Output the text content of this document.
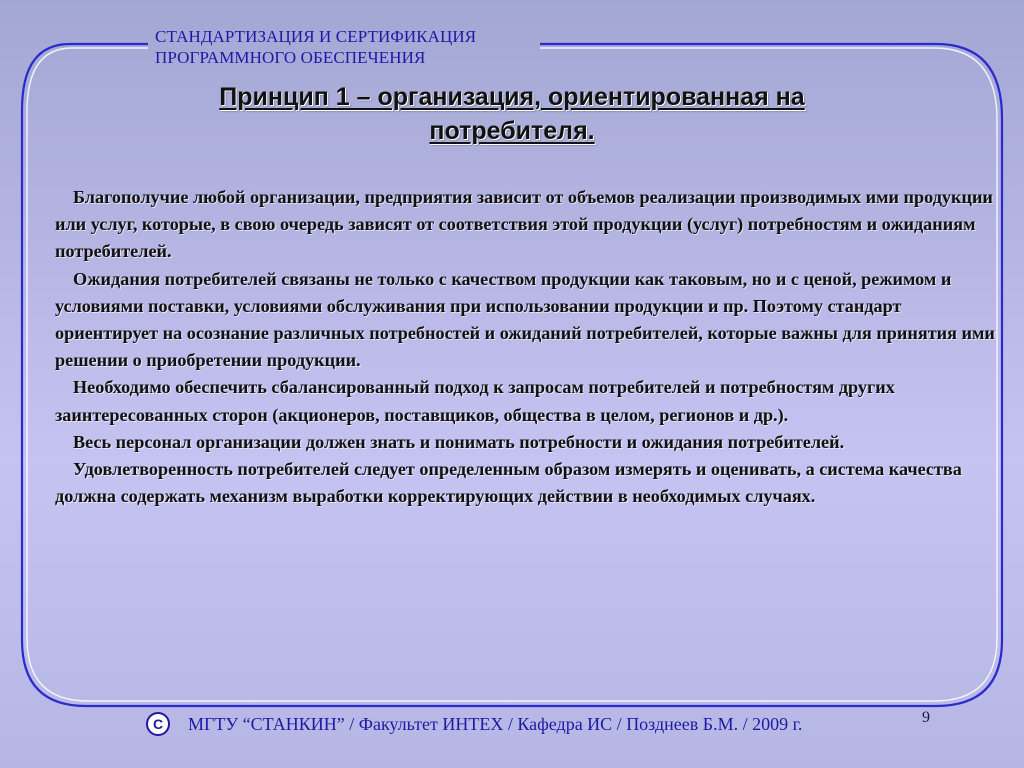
СТАНДАРТИЗАЦИЯ И СЕРТИФИКАЦИЯ
ПРОГРАММНОГО ОБЕСПЕЧЕНИЯ
Принцип 1 – организация, ориентированная на
потребителя.

Благополучие любой организации, предприятия зависит от объемов реализации производимых ими продукции или услуг, которые, в свою очередь зависят от соответствия этой продукции (услуг) потребностям и ожиданиям потребителей.

Ожидания потребителей связаны не только с качеством продукции как таковым, но и с ценой, режимом и условиями поставки, условиями обслуживания при использовании продукции и пр. Поэтому стандарт ориентирует на осознание различных потребностей и ожиданий потребителей, которые важны для принятия ими решении о приобретении продукции.

Необходимо обеспечить сбалансированный подход к запросам потребителей и потребностям других заинтересованных сторон (акционеров, поставщиков, общества в целом, регионов и др.).

Весь персонал организации должен знать и понимать потребности и ожидания потребителей.

Удовлетворенность потребителей следует определенным образом измерять и оценивать, а система качества должна содержать механизм выработки корректирующих действии в необходимых случаях.

С	МГТУ “СТАНКИН” / Факультет ИНТЕХ / Кафедра ИС / Позднеев Б.М. / 2009 г.	9
